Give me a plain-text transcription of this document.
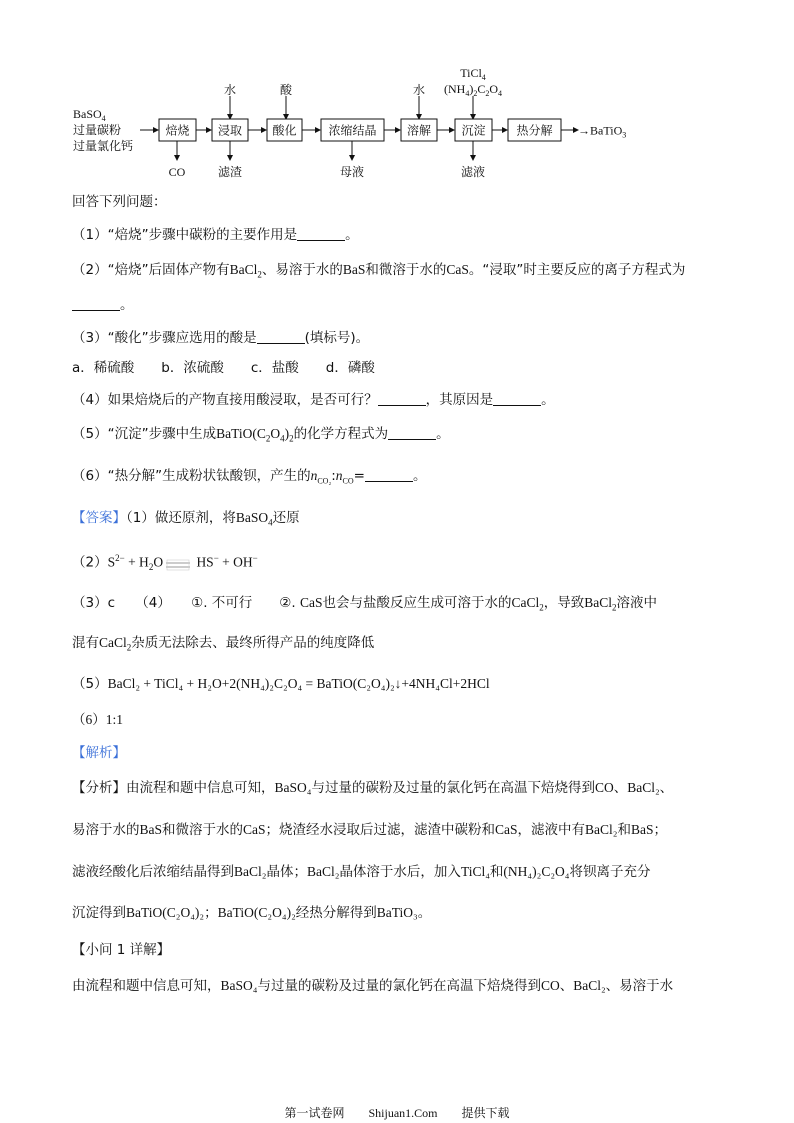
BaSO$_4$
过量碳粉
过量氯化钙
焙烧 浸取	酸化	浓缩结晶	溶解	沉淀	热分解
水	酸	水
TiCl$_4$
$(NH_4)_2C_2O_4$
CO	滤渣	母液	滤液
→BaTiO$_3$
回答下列问题：
（1）“焙烧”步骤中碳粉的主要作用是	。
（2）“焙烧”后固体产物有BaCl$_2$、易溶于水的BaS和微溶于水的CaS。“浸取”时主要反应的离子方程式为
。
（3）“酸化”步骤应选用的酸是	(填标号)。
a．稀硫酸　　b．浓硫酸　　c．盐酸　　d．磷酸
（4）如果焙烧后的产物直接用酸浸取，是否可行？	，其原因是	。
（5）“沉淀”步骤中生成$BaTiO(C_2O_4)_2$的化学方程式为	。
（6）“热分解”生成粉状钛酸钡，产生的$n_{CO_2}:n_{CO}=$	。
【答案】（1）做还原剂，将BaSO$_4$还原
$(2)S^{2-} + H_2O$ HS− + OH−
（3）c　　（4）　　①. 不可行　　②. CaS也会与盐酸反应生成可溶于水的CaCl$_2$，导致BaCl$_2$溶液中
混有CaCl$_2$杂质无法除去、最终所得产品的纯度降低
（5）BaCl₂ + TiCl₄ + H₂O+2(NH₄)₂C₂O₄ = BaTiO(C₂O₄)₂↓+4NH₄Cl+2HCl
（6）1:1
【解析】
【分析】由流程和题中信息可知，BaSO₄与过量的碳粉及过量的氯化钙在高温下焙烧得到CO、BaCl₂、
易溶于水的BaS和微溶于水的CaS；烧渣经水浸取后过滤，滤渣中碳粉和CaS，滤液中有BaCl₂和BaS；
滤液经酸化后浓缩结晶得到BaCl₂晶体；BaCl₂晶体溶于水后，加入TiCl₄和(NH₄)₂C₂O₄将钡离子充分
沉淀得到BaTiO(C₂O₄)₂；BaTiO(C₂O₄)₂经热分解得到BaTiO₃。
【小问 1 详解】
由流程和题中信息可知，BaSO₄与过量的碳粉及过量的氯化钙在高温下焙烧得到CO、BaCl₂、易溶于水
第一试卷网 Shijuan1.Com 提供下载
